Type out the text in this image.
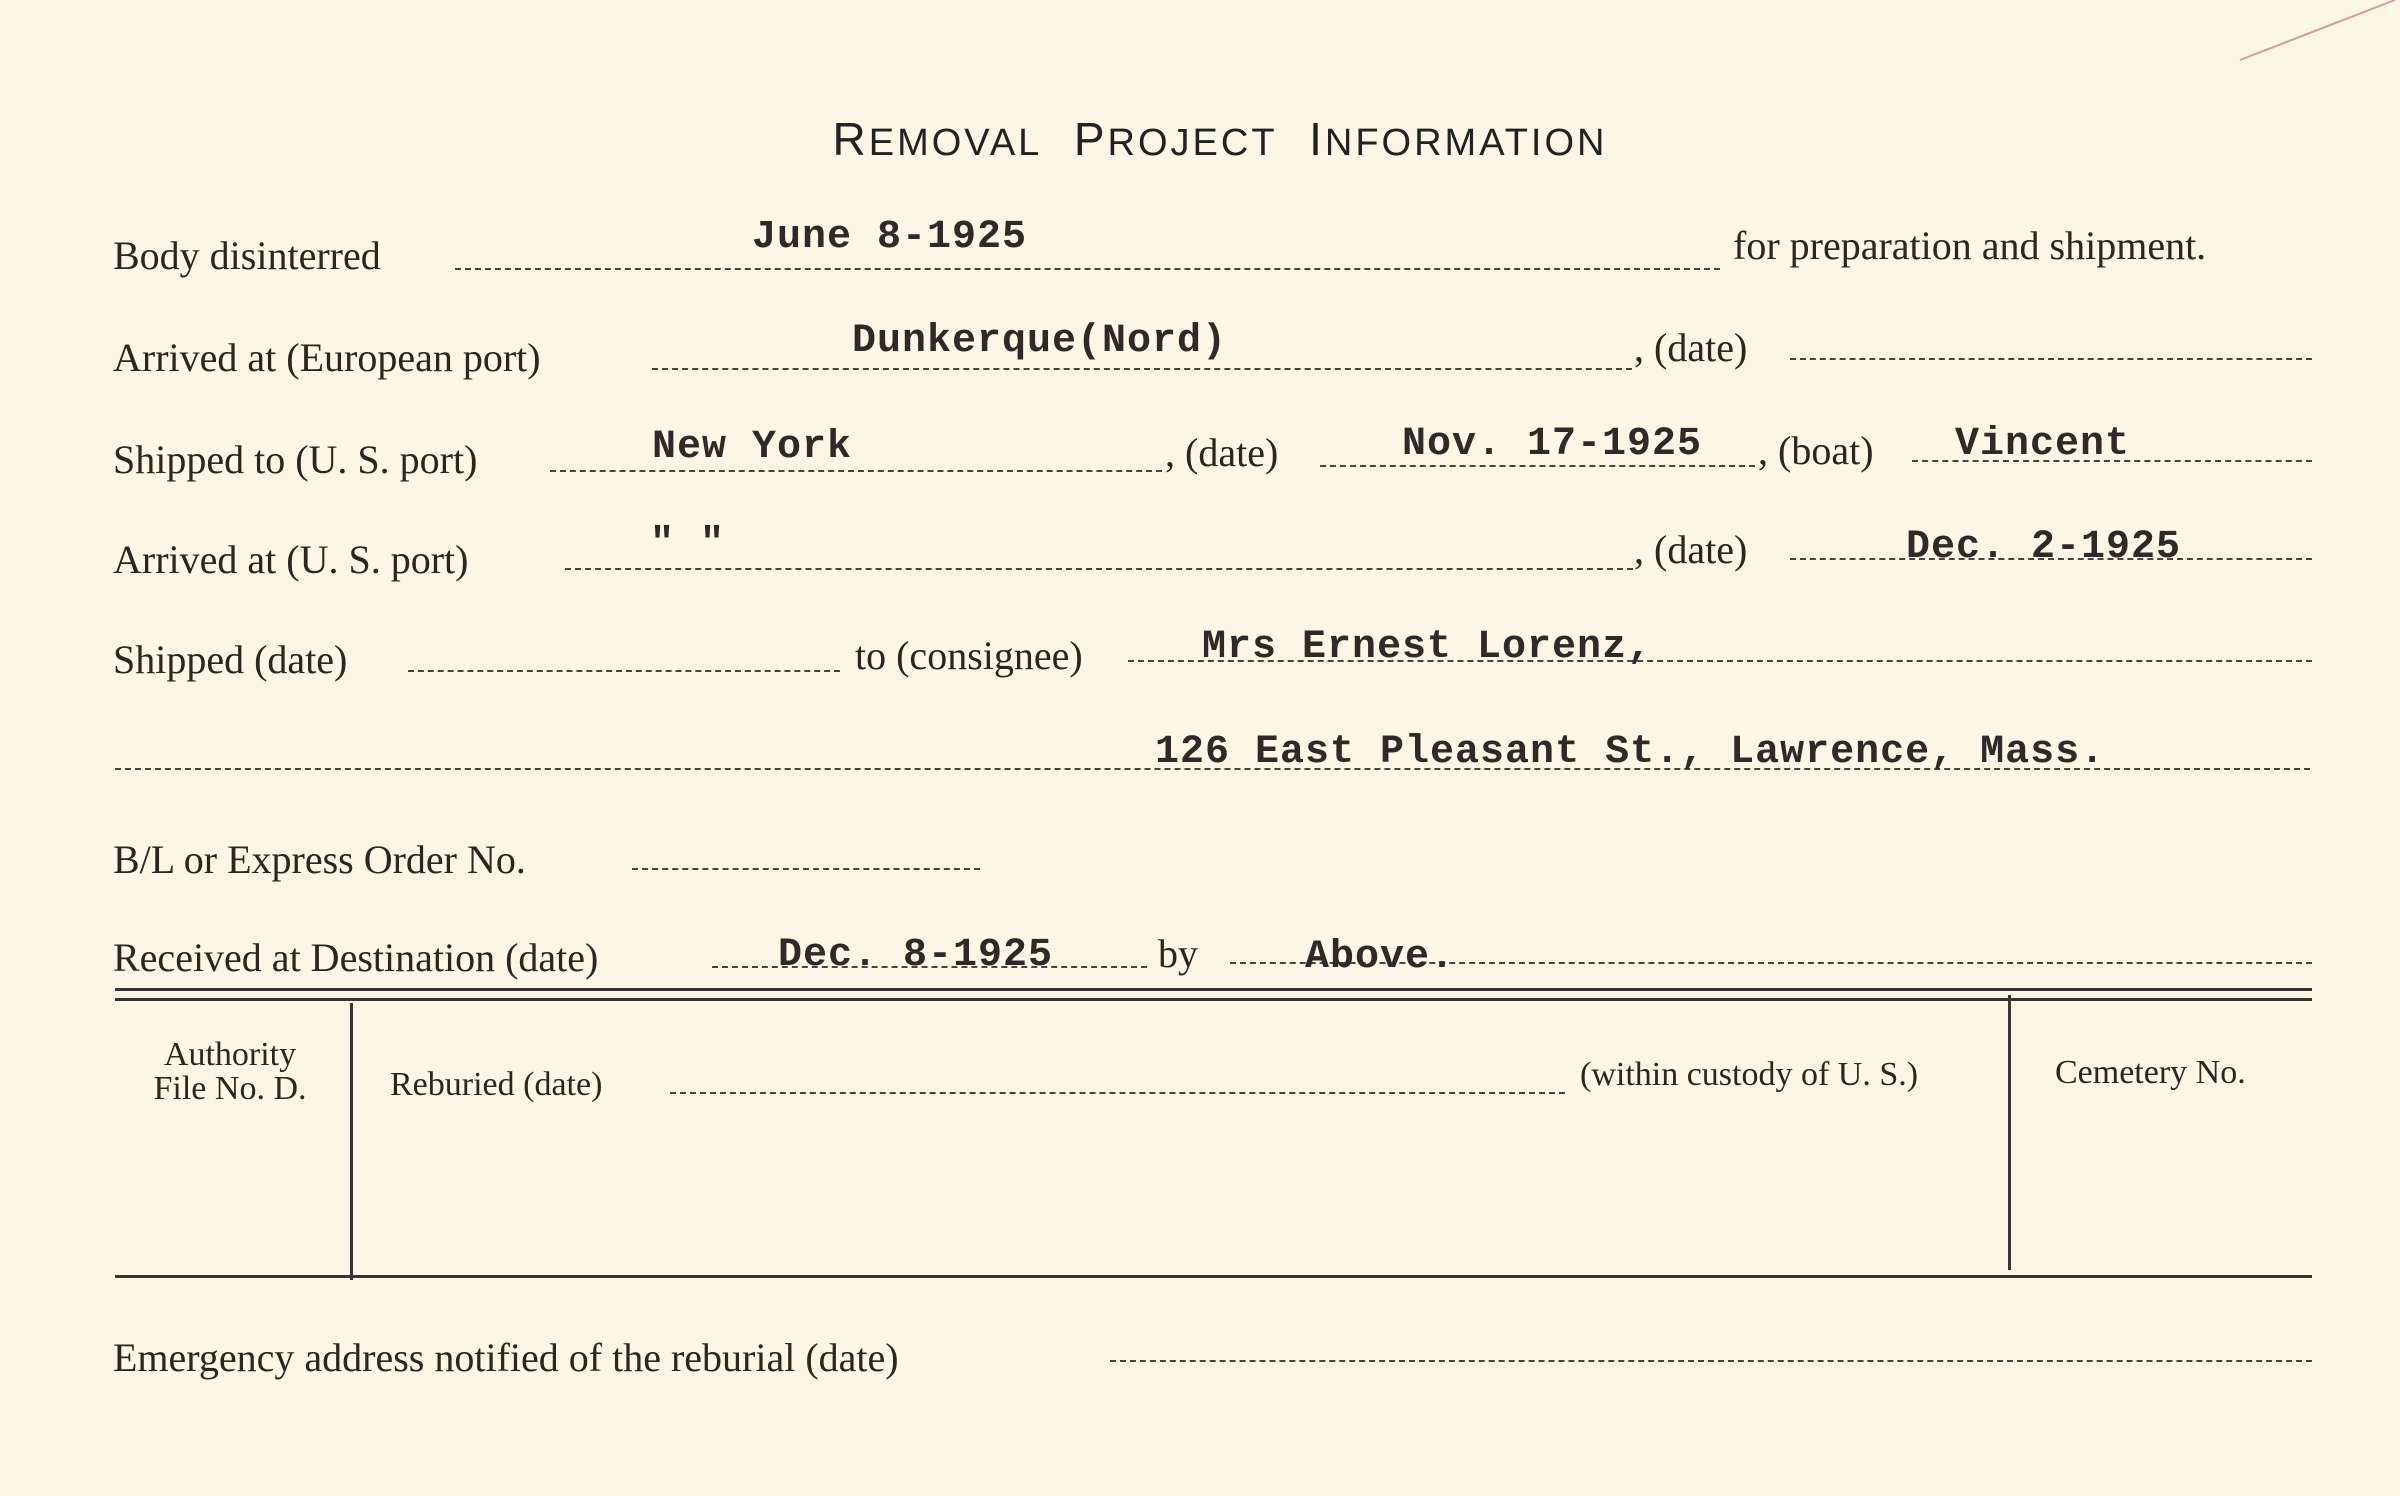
REMOVAL PROJECT INFORMATION
Body disinterred	June 8-1925	for preparation and shipment.
Arrived at (European port)	Dunkerque(Nord)	, (date)
Shipped to (U. S. port)	New York	, (date)	Nov. 17-1925 , (boat) Vincent
Arrived at (U. S. port)	" "	, (date)	Dec. 2-1925
Shipped (date)	to (consignee)	Mrs Ernest Lorenz,
126 East Pleasant St., Lawrence, Mass.
B/L or Express Order No.
Received at Destination (date)	Dec. 8-1925	by	Above.
Authority
File No. D.	Reburied (date)	(within custody of U. S.)	Cemetery No.
Emergency address notified of the reburial (date)
